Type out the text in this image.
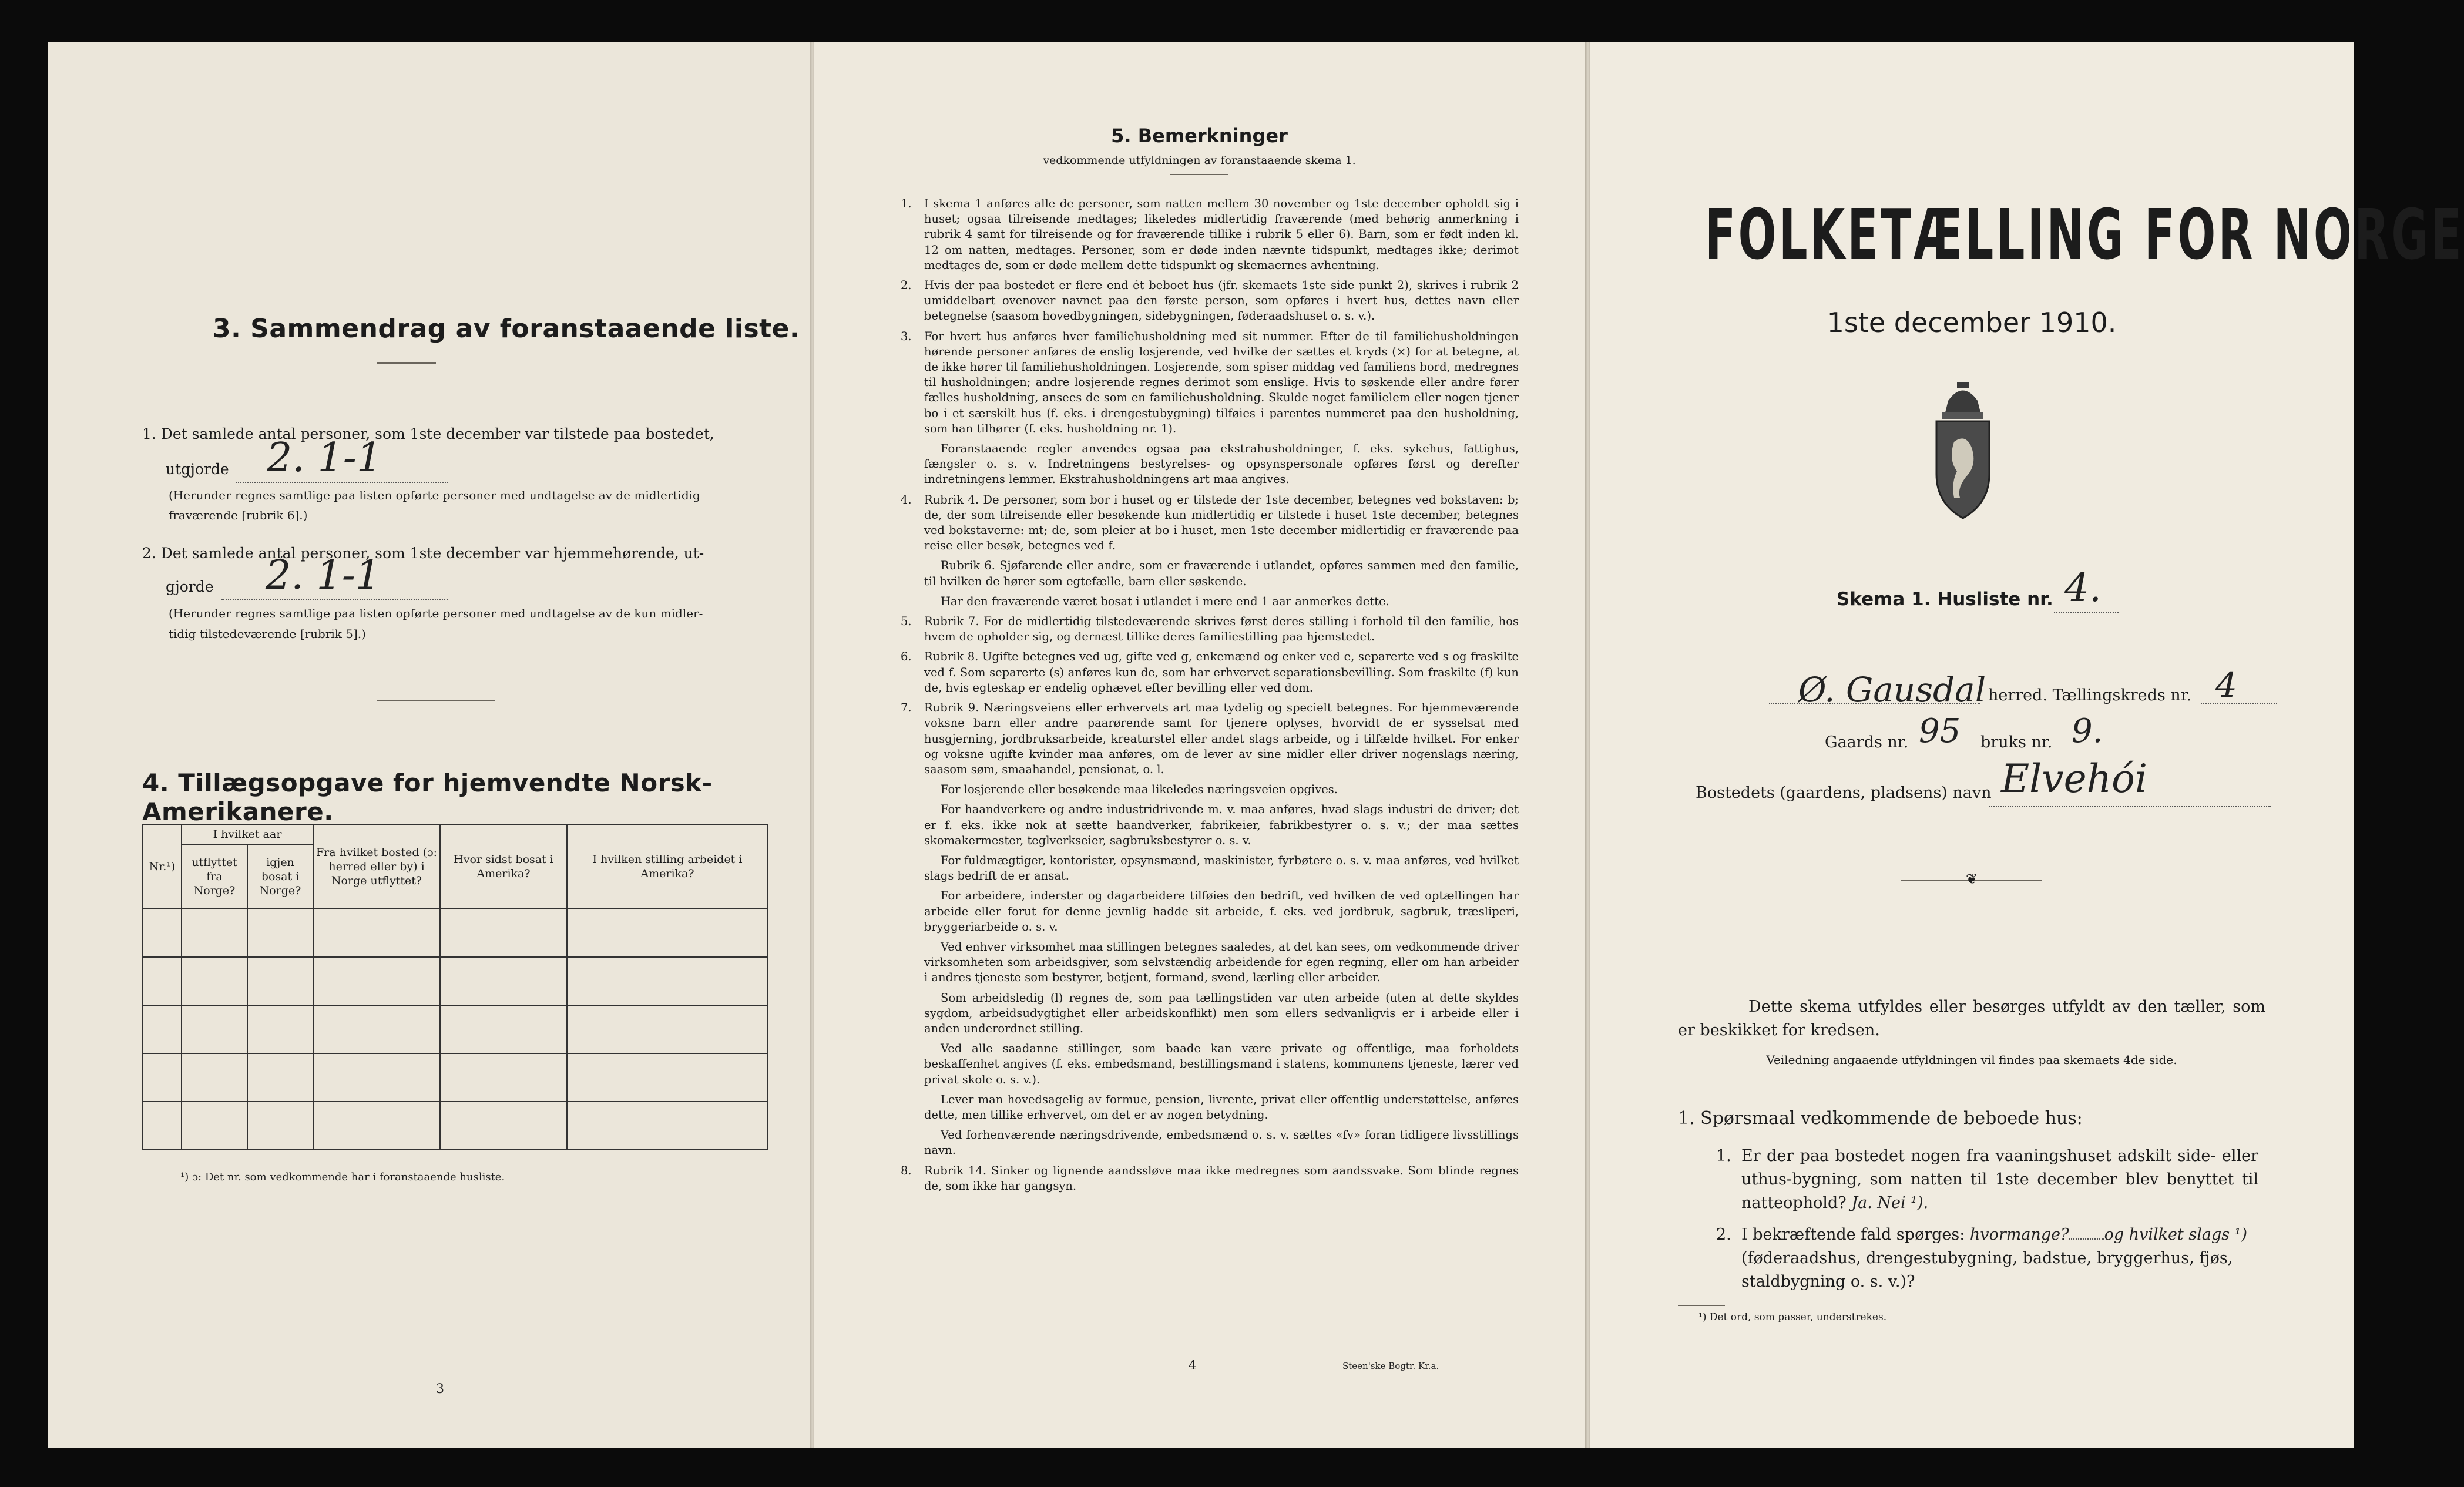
3. Sammendrag av foranstaaende liste.
1. Det samlede antal personer, som 1ste december var tilstede paa bostedet,
utgjorde 2. 1-1
(Herunder regnes samtlige paa listen opførte personer med undtagelse av de midlertidig
fraværende [rubrik 6].)
2. Det samlede antal personer, som 1ste december var hjemmehørende, ut-
gjorde 2. 1-1
(Herunder regnes samtlige paa listen opførte personer med undtagelse av de kun midler-
tidig tilstedeværende [rubrik 5].)
4. Tillægsopgave for hjemvendte Norsk-Amerikanere.
Nr.¹)	I hvilket aar		Fra hvilket bosted (ɔ: herred eller by) i Norge utflyttet?	Hvor sidst bosat i Amerika?	I hvilken stilling arbeidet i Amerika?
	utflyttet fra Norge?	igjen bosat i Norge?			

¹) ɔ: Det nr. som vedkommende har i foranstaaende husliste.
3
5. Bemerkninger
vedkommende utfyldningen av foranstaaende skema 1.
1.	I skema 1 anføres alle de personer, som natten mellem 30 november og 1ste december opholdt sig i huset; ogsaa tilreisende medtages; likeledes midlertidig fraværende (med behørig anmerkning i rubrik 4 samt for tilreisende og for fraværende tillike i rubrik 5 eller 6). Barn, som er født inden kl. 12 om natten, medtages. Personer, som er døde inden nævnte tidspunkt, medtages ikke; derimot medtages de, som er døde mellem dette tidspunkt og skemaernes avhentning.
2.	Hvis der paa bostedet er flere end ét beboet hus (jfr. skemaets 1ste side punkt 2), skrives i rubrik 2 umiddelbart ovenover navnet paa den første person, som opføres i hvert hus, dettes navn eller betegnelse (saasom hovedbygningen, sidebygningen, føderaadshuset o. s. v.).
3.	For hvert hus anføres hver familiehusholdning med sit nummer. Efter de til familiehusholdningen hørende personer anføres de enslig losjerende, ved hvilke der sættes et kryds (×) for at betegne, at de ikke hører til familiehusholdningen. Losjerende, som spiser middag ved familiens bord, medregnes til husholdningen; andre losjerende regnes derimot som enslige. Hvis to søskende eller andre fører fælles husholdning, ansees de som en familiehusholdning. Skulde noget familielem eller nogen tjener bo i et særskilt hus (f. eks. i drengestubygning) tilføies i parentes nummeret paa den husholdning, som han tilhører (f. eks. husholdning nr. 1).
Foranstaaende regler anvendes ogsaa paa ekstrahusholdninger, f. eks. sykehus, fattighus, fængsler o. s. v. Indretningens bestyrelses- og opsynspersonale opføres først og derefter indretningens lemmer. Ekstrahusholdningens art maa angives.
4.	Rubrik 4. De personer, som bor i huset og er tilstede der 1ste december, betegnes ved bokstaven: b; de, der som tilreisende eller besøkende kun midlertidig er tilstede i huset 1ste december, betegnes ved bokstaverne: mt; de, som pleier at bo i huset, men 1ste december midlertidig er fraværende paa reise eller besøk, betegnes ved f.
Rubrik 6. Sjøfarende eller andre, som er fraværende i utlandet, opføres sammen med den familie, til hvilken de hører som egtefælle, barn eller søskende.
Har den fraværende været bosat i utlandet i mere end 1 aar anmerkes dette.
5.	Rubrik 7. For de midlertidig tilstedeværende skrives først deres stilling i forhold til den familie, hos hvem de opholder sig, og dernæst tillike deres familiestilling paa hjemstedet.
6.	Rubrik 8. Ugifte betegnes ved ug, gifte ved g, enkemænd og enker ved e, separerte ved s og fraskilte ved f. Som separerte (s) anføres kun de, som har erhvervet separationsbevilling. Som fraskilte (f) kun de, hvis egteskap er endelig ophævet efter bevilling eller ved dom.
7.	Rubrik 9. Næringsveiens eller erhvervets art maa tydelig og specielt betegnes. For hjemmeværende voksne barn eller andre paarørende samt for tjenere oplyses, hvorvidt de er sysselsat med husgjerning, jordbruksarbeide, kreaturstel eller andet slags arbeide, og i tilfælde hvilket. For enker og voksne ugifte kvinder maa anføres, om de lever av sine midler eller driver nogenslags næring, saasom søm, smaahandel, pensionat, o. l.
For losjerende eller besøkende maa likeledes næringsveien opgives.
For haandverkere og andre industridrivende m. v. maa anføres, hvad slags industri de driver; det er f. eks. ikke nok at sætte haandverker, fabrikeier, fabrikbestyrer o. s. v.; der maa sættes skomakermester, teglverkseier, sagbruksbestyrer o. s. v.
For fuldmægtiger, kontorister, opsynsmænd, maskinister, fyrbøtere o. s. v. maa anføres, ved hvilket slags bedrift de er ansat.
For arbeidere, inderster og dagarbeidere tilføies den bedrift, ved hvilken de ved optællingen har arbeide eller forut for denne jevnlig hadde sit arbeide, f. eks. ved jordbruk, sagbruk, træsliperi, bryggeriarbeide o. s. v.
Ved enhver virksomhet maa stillingen betegnes saaledes, at det kan sees, om vedkommende driver virksomheten som arbeidsgiver, som selvstændig arbeidende for egen regning, eller om han arbeider i andres tjeneste som bestyrer, betjent, formand, svend, lærling eller arbeider.
Som arbeidsledig (l) regnes de, som paa tællingstiden var uten arbeide (uten at dette skyldes sygdom, arbeidsudygtighet eller arbeidskonflikt) men som ellers sedvanligvis er i arbeide eller i anden underordnet stilling.
Ved alle saadanne stillinger, som baade kan være private og offentlige, maa forholdets beskaffenhet angives (f. eks. embedsmand, bestillingsmand i statens, kommunens tjeneste, lærer ved privat skole o. s. v.).
Lever man hovedsagelig av formue, pension, livrente, privat eller offentlig understøttelse, anføres dette, men tillike erhvervet, om det er av nogen betydning.
Ved forhenværende næringsdrivende, embedsmænd o. s. v. sættes «fv» foran tidligere livsstillings navn.
8.	Rubrik 14. Sinker og lignende aandssløve maa ikke medregnes som aandssvake. Som blinde regnes de, som ikke har gangsyn.
4	Steen'ske Bogtr. Kr.a.
FOLKETÆLLING FOR NORGE
1ste december 1910.
Skema 1. Husliste nr. 4.
Ø. Gausdal herred. Tællingskreds nr. 4
Gaards nr. 95 bruks nr. 9.
Bostedets (gaardens, pladsens) navn Elvehói
❦
Dette skema utfyldes eller besørges utfyldt av den tæller, som er beskikket for kredsen.
Veiledning angaaende utfyldningen vil findes paa skemaets 4de side.
1. Spørsmaal vedkommende de beboede hus:
1. Er der paa bostedet nogen fra vaaningshuset adskilt side- eller uthus-bygning, som natten til 1ste december blev benyttet til natteophold? Ja. Nei ¹).
2. I bekræftende fald spørges: hvormange? og hvilket slags ¹) (føderaadshus, drengestubygning, badstue, bryggerhus, fjøs, staldbygning o. s. v.)?
¹) Det ord, som passer, understrekes.
